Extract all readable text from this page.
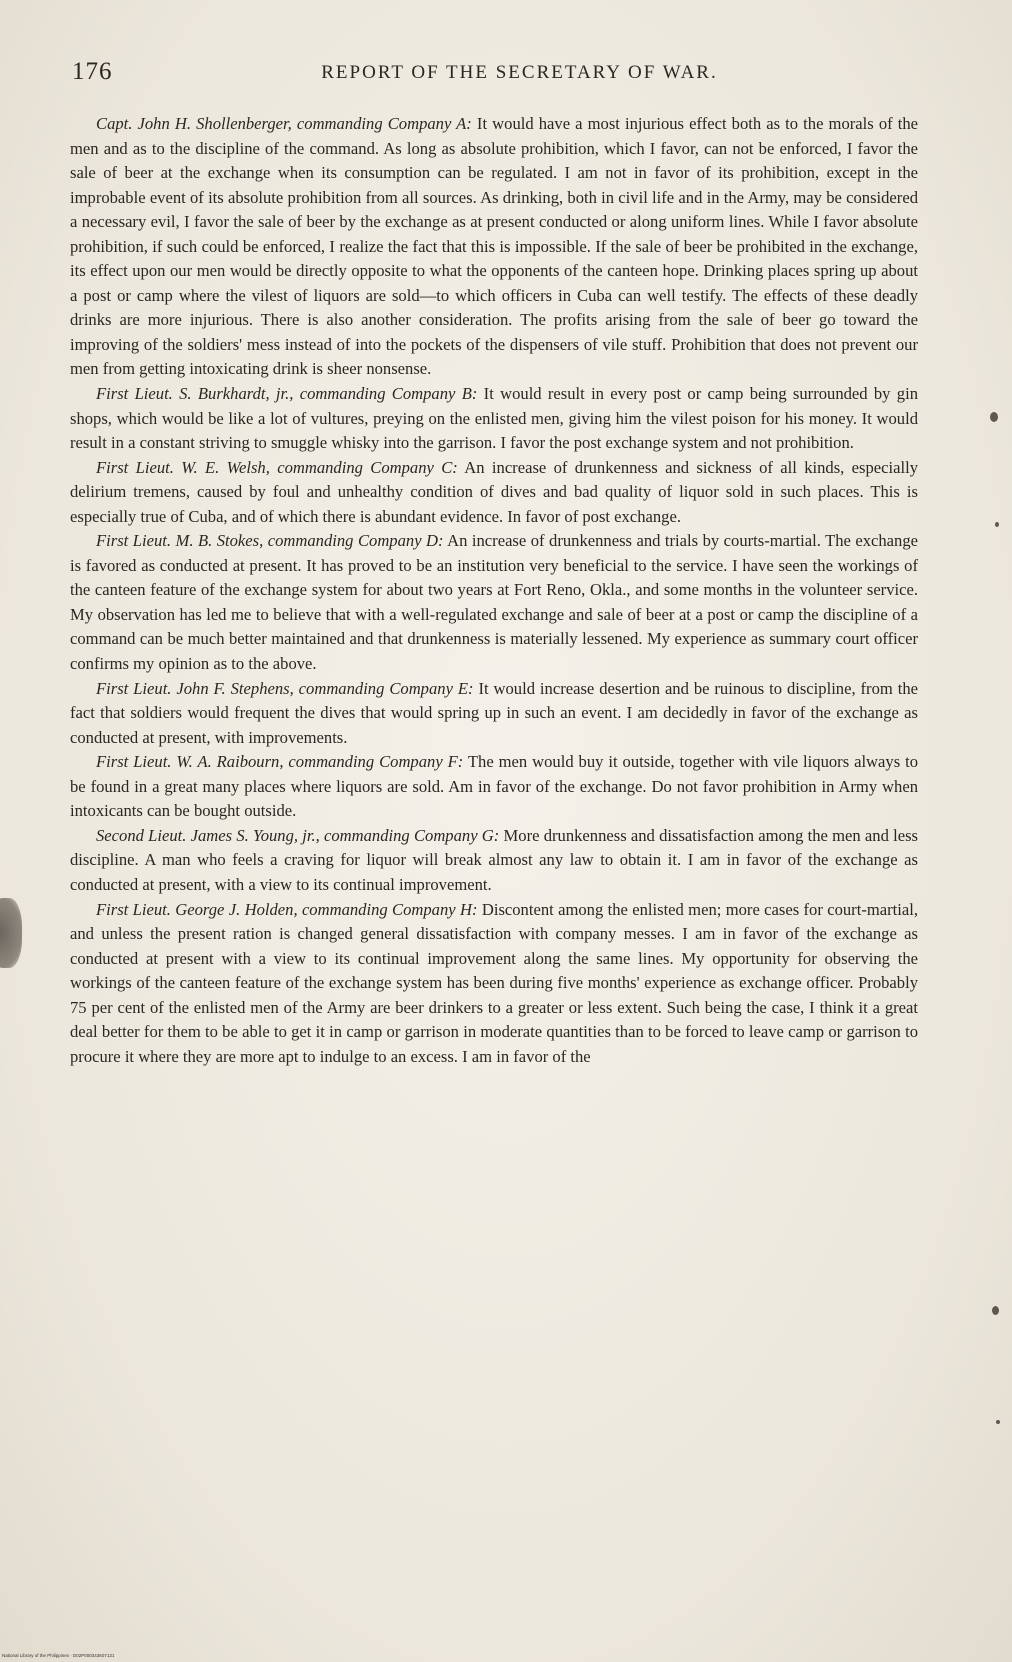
176	REPORT OF THE SECRETARY OF WAR.

Capt. John H. Shollenberger, commanding Company A: It would have a most injurious effect both as to the morals of the men and as to the discipline of the command. As long as absolute prohibition, which I favor, can not be enforced, I favor the sale of beer at the exchange when its consumption can be regulated. I am not in favor of its prohibition, except in the improbable event of its absolute prohibition from all sources. As drinking, both in civil life and in the Army, may be considered a necessary evil, I favor the sale of beer by the exchange as at present conducted or along uniform lines. While I favor absolute prohibition, if such could be enforced, I realize the fact that this is impossible. If the sale of beer be prohibited in the exchange, its effect upon our men would be directly opposite to what the opponents of the canteen hope. Drinking places spring up about a post or camp where the vilest of liquors are sold—to which officers in Cuba can well testify. The effects of these deadly drinks are more injurious. There is also another consideration. The profits arising from the sale of beer go toward the improving of the soldiers' mess instead of into the pockets of the dispensers of vile stuff. Prohibition that does not prevent our men from getting intoxicating drink is sheer nonsense.

First Lieut. S. Burkhardt, jr., commanding Company B: It would result in every post or camp being surrounded by gin shops, which would be like a lot of vultures, preying on the enlisted men, giving him the vilest poison for his money. It would result in a constant striving to smuggle whisky into the garrison. I favor the post exchange system and not prohibition.

First Lieut. W. E. Welsh, commanding Company C: An increase of drunkenness and sickness of all kinds, especially delirium tremens, caused by foul and unhealthy condition of dives and bad quality of liquor sold in such places. This is especially true of Cuba, and of which there is abundant evidence. In favor of post exchange.

First Lieut. M. B. Stokes, commanding Company D: An increase of drunkenness and trials by courts-martial. The exchange is favored as conducted at present. It has proved to be an institution very beneficial to the service. I have seen the workings of the canteen feature of the exchange system for about two years at Fort Reno, Okla., and some months in the volunteer service. My observation has led me to believe that with a well-regulated exchange and sale of beer at a post or camp the discipline of a command can be much better maintained and that drunkenness is materially lessened. My experience as summary court officer confirms my opinion as to the above.

First Lieut. John F. Stephens, commanding Company E: It would increase desertion and be ruinous to discipline, from the fact that soldiers would frequent the dives that would spring up in such an event. I am decidedly in favor of the exchange as conducted at present, with improvements.

First Lieut. W. A. Raibourn, commanding Company F: The men would buy it outside, together with vile liquors always to be found in a great many places where liquors are sold. Am in favor of the exchange. Do not favor prohibition in Army when intoxicants can be bought outside.

Second Lieut. James S. Young, jr., commanding Company G: More drunkenness and dissatisfaction among the men and less discipline. A man who feels a craving for liquor will break almost any law to obtain it. I am in favor of the exchange as conducted at present, with a view to its continual improvement.

First Lieut. George J. Holden, commanding Company H: Discontent among the enlisted men; more cases for court-martial, and unless the present ration is changed general dissatisfaction with company messes. I am in favor of the exchange as conducted at present with a view to its continual improvement along the same lines. My opportunity for observing the workings of the canteen feature of the exchange system has been during five months' experience as exchange officer. Probably 75 per cent of the enlisted men of the Army are beer drinkers to a greater or less extent. Such being the case, I think it a great deal better for them to be able to get it in camp or garrison in moderate quantities than to be forced to leave camp or garrison to procure it where they are more apt to indulge to an excess. I am in favor of the

National Library of the Philippines · D02P000343607131
